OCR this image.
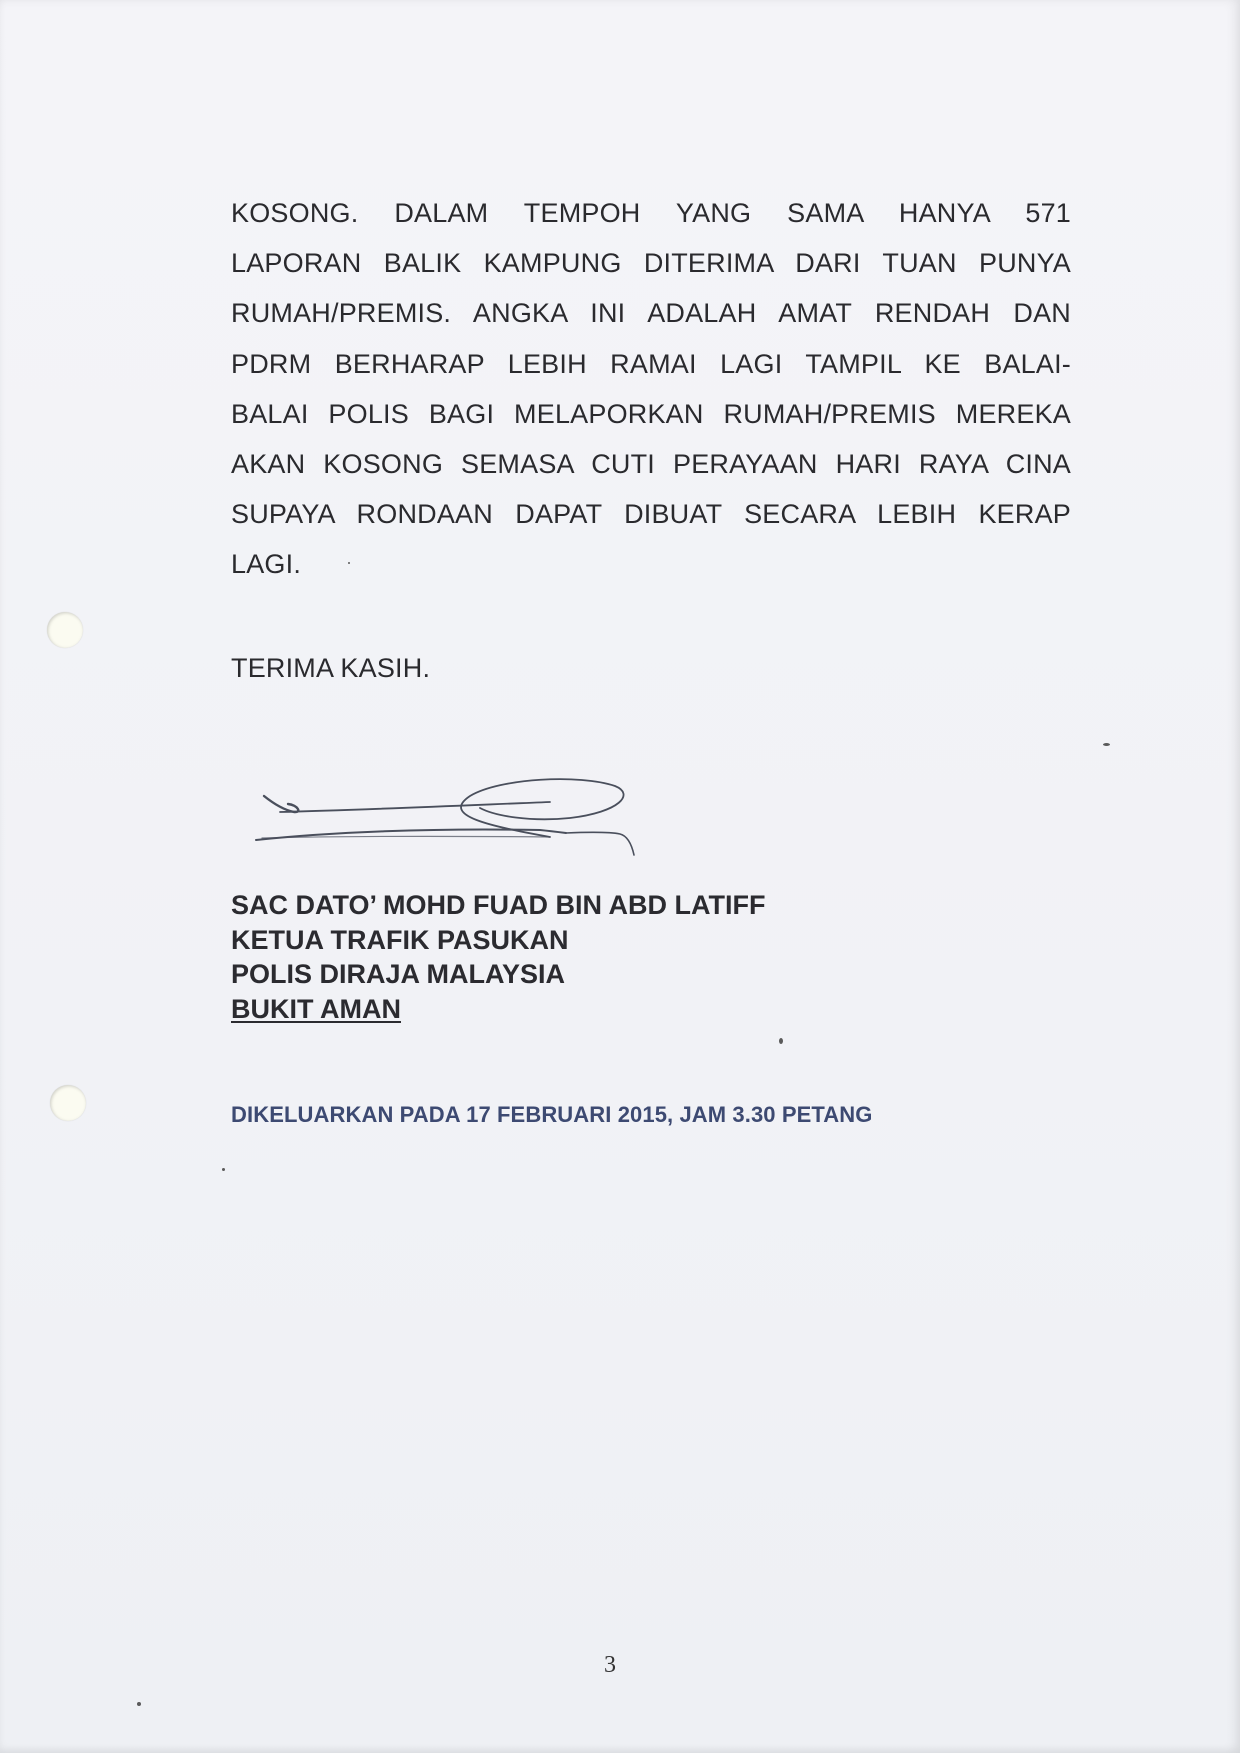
KOSONG. DALAM TEMPOH YANG SAMA HANYA 571
LAPORAN BALIK KAMPUNG DITERIMA DARI TUAN PUNYA
RUMAH/PREMIS. ANGKA INI ADALAH AMAT RENDAH DAN
PDRM BERHARAP LEBIH RAMAI LAGI TAMPIL KE BALAI-
BALAI POLIS BAGI MELAPORKAN RUMAH/PREMIS MEREKA
AKAN KOSONG SEMASA CUTI PERAYAAN HARI RAYA CINA
SUPAYA RONDAAN DAPAT DIBUAT SECARA LEBIH KERAP
LAGI.
TERIMA KASIH.
SAC DATO’ MOHD FUAD BIN ABD LATIFF
KETUA TRAFIK PASUKAN
POLIS DIRAJA MALAYSIA
BUKIT AMAN
DIKELUARKAN PADA 17 FEBRUARI 2015, JAM 3.30 PETANG
3
